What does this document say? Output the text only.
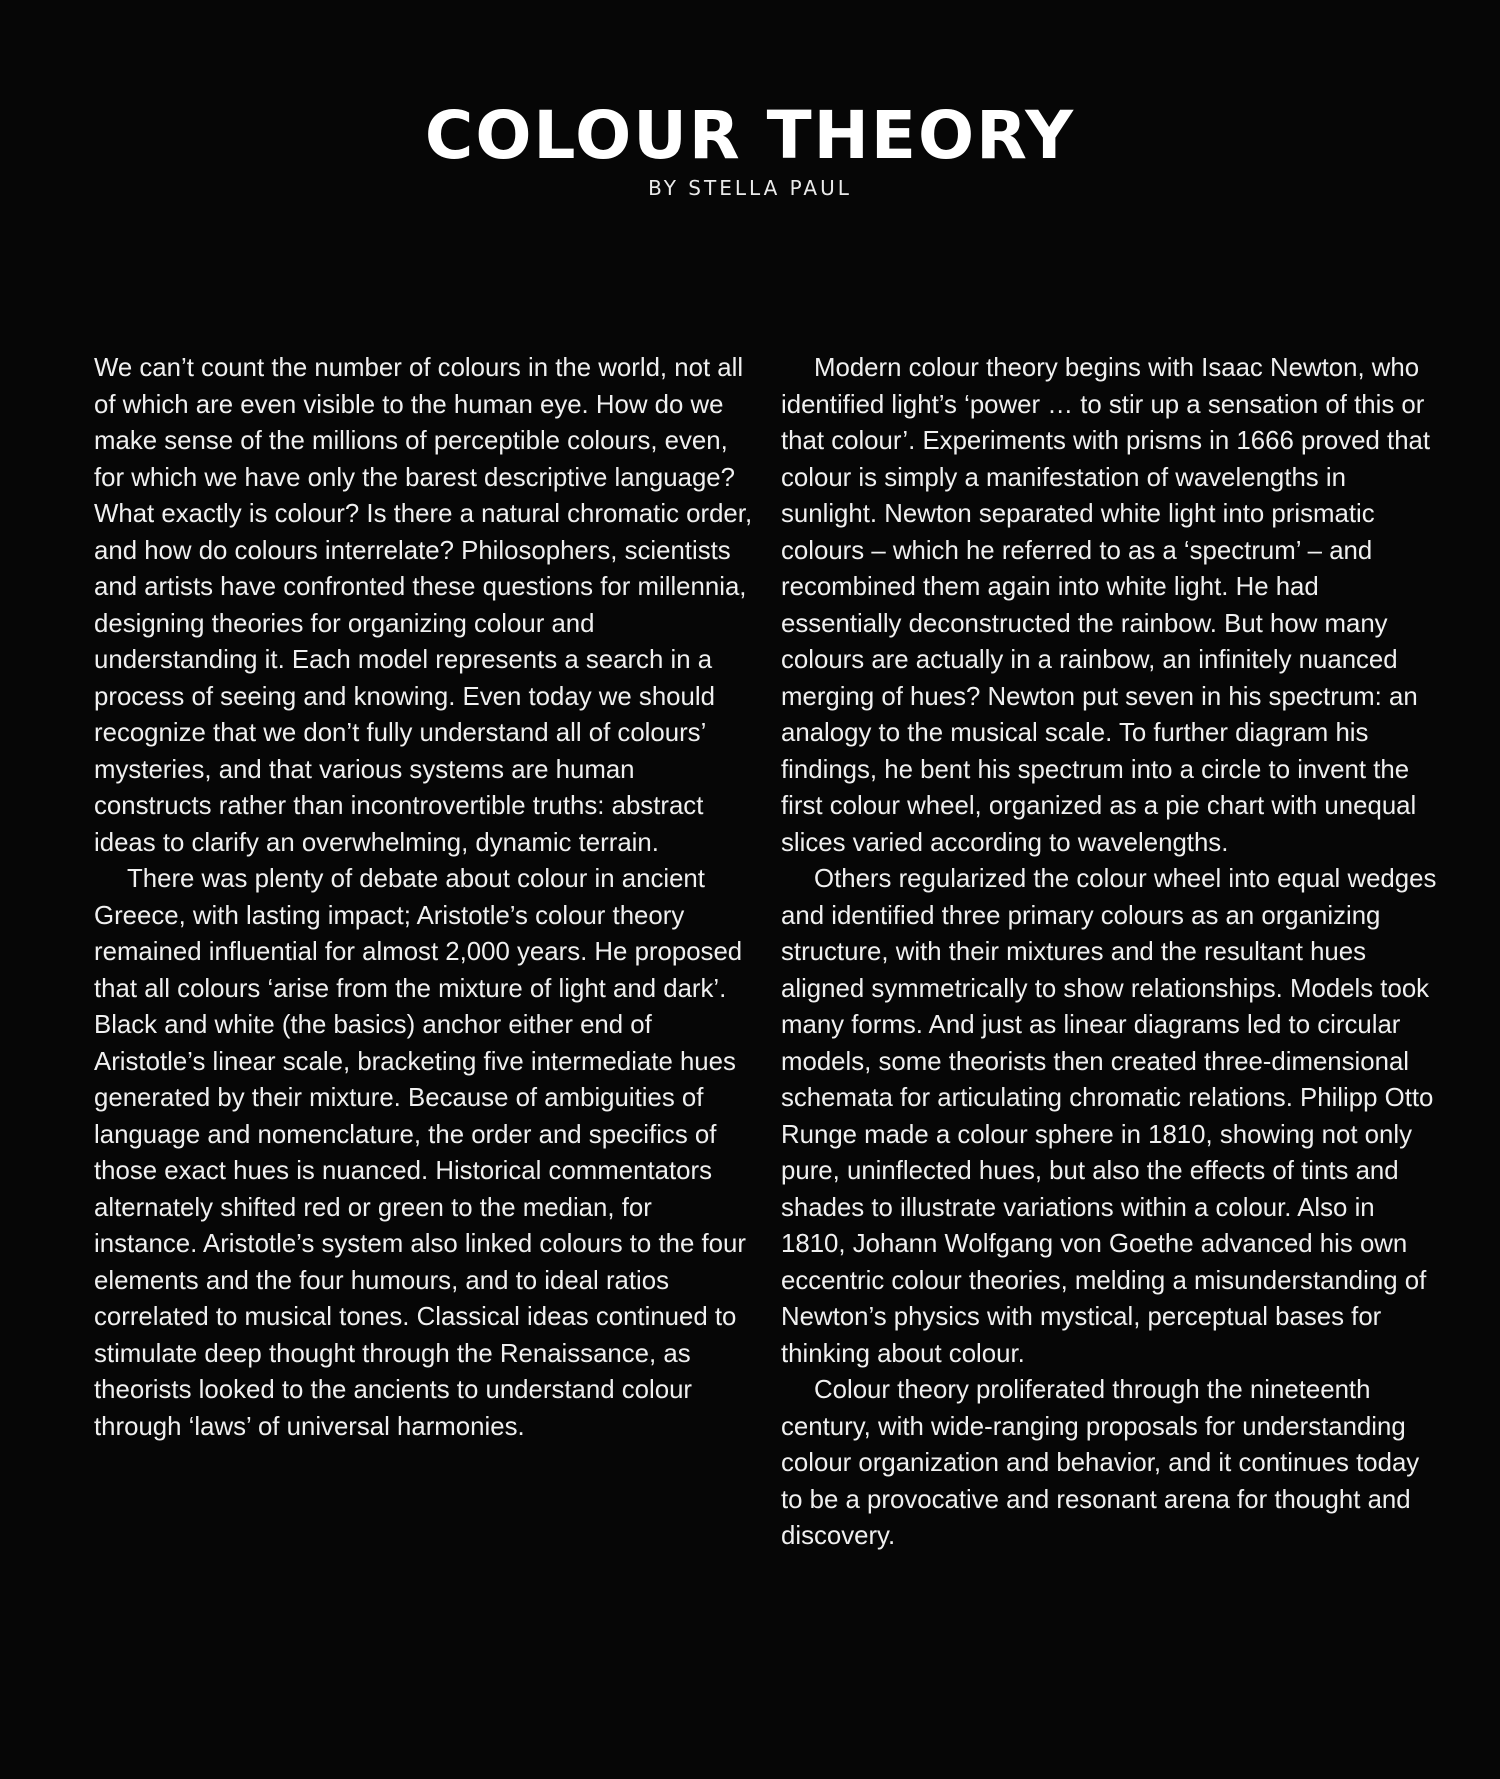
COLOUR THEORY
BY STELLA PAUL

We can’t count the number of colours in the world, not all of which are even visible to the human eye. How do we make sense of the millions of perceptible colours, even, for which we have only the barest descriptive language? What exactly is colour? Is there a natural chromatic order, and how do colours interrelate? Philosophers, scientists and artists have confronted these questions for millennia, designing theories for organizing colour and understanding it. Each model represents a search in a process of seeing and knowing. Even today we should recognize that we don’t fully understand all of colours’ mysteries, and that various systems are human constructs rather than incontrovertible truths: abstract ideas to clarify an overwhelming, dynamic terrain.

There was plenty of debate about colour in ancient Greece, with lasting impact; Aristotle’s colour theory remained influential for almost 2,000 years. He proposed that all colours ‘arise from the mixture of light and dark’. Black and white (the basics) anchor either end of Aristotle’s linear scale, bracketing five intermediate hues generated by their mixture. Because of ambiguities of language and nomenclature, the order and specifics of those exact hues is nuanced. Historical commentators alternately shifted red or green to the median, for instance. Aristotle’s system also linked colours to the four elements and the four humours, and to ideal ratios correlated to musical tones. Classical ideas continued to stimulate deep thought through the Renaissance, as theorists looked to the ancients to understand colour through ‘laws’ of universal harmonies.

Modern colour theory begins with Isaac Newton, who identified light’s ‘power … to stir up a sensation of this or that colour’. Experiments with prisms in 1666 proved that colour is simply a manifestation of wavelengths in sunlight. Newton separated white light into prismatic colours – which he referred to as a ‘spectrum’ – and recombined them again into white light. He had essentially deconstructed the rainbow. But how many colours are actually in a rainbow, an infinitely nuanced merging of hues? Newton put seven in his spectrum: an analogy to the musical scale. To further diagram his findings, he bent his spectrum into a circle to invent the first colour wheel, organized as a pie chart with unequal slices varied according to wavelengths.

Others regularized the colour wheel into equal wedges and identified three primary colours as an organizing structure, with their mixtures and the resultant hues aligned symmetrically to show relationships. Models took many forms. And just as linear diagrams led to circular models, some theorists then created three-dimensional schemata for articulating chromatic relations. Philipp Otto Runge made a colour sphere in 1810, showing not only pure, uninflected hues, but also the effects of tints and shades to illustrate variations within a colour. Also in 1810, Johann Wolfgang von Goethe advanced his own eccentric colour theories, melding a misunderstanding of Newton’s physics with mystical, perceptual bases for thinking about colour.

Colour theory proliferated through the nineteenth century, with wide-ranging proposals for understanding colour organization and behavior, and it continues today to be a provocative and resonant arena for thought and discovery.
